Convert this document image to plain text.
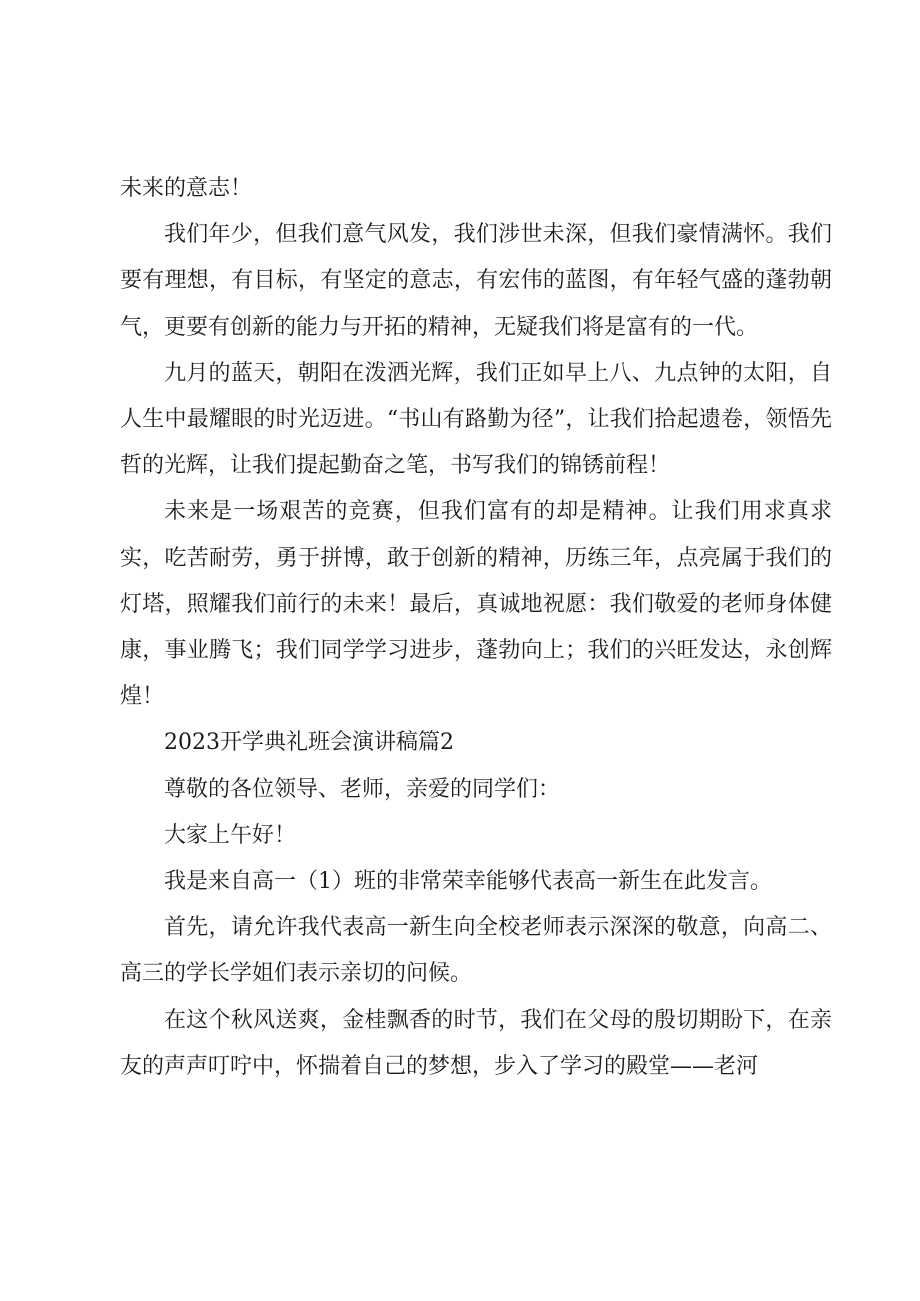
未来的意志！

我们年少，但我们意气风发，我们涉世未深，但我们豪情满怀。我们要有理想，有目标，有坚定的意志，有宏伟的蓝图，有年轻气盛的蓬勃朝气，更要有创新的能力与开拓的精神，无疑我们将是富有的一代。

九月的蓝天，朝阳在泼洒光辉，我们正如早上八、九点钟的太阳，自人生中最耀眼的时光迈进。“书山有路勤为径”，让我们拾起遗卷，领悟先哲的光辉，让我们提起勤奋之笔，书写我们的锦锈前程！

未来是一场艰苦的竞赛，但我们富有的却是精神。让我们用求真求实，吃苦耐劳，勇于拼博，敢于创新的精神，历练三年，点亮属于我们的灯塔，照耀我们前行的未来！最后，真诚地祝愿：我们敬爱的老师身体健康，事业腾飞；我们同学学习进步，蓬勃向上；我们的兴旺发达，永创辉煌！

2023开学典礼班会演讲稿篇2

尊敬的各位领导、老师，亲爱的同学们：

大家上午好！

我是来自高一（1）班的非常荣幸能够代表高一新生在此发言。

首先，请允许我代表高一新生向全校老师表示深深的敬意，向高二、高三的学长学姐们表示亲切的问候。

在这个秋风送爽，金桂飘香的时节，我们在父母的殷切期盼下，在亲友的声声叮咛中，怀揣着自己的梦想，步入了学习的殿堂——老河
